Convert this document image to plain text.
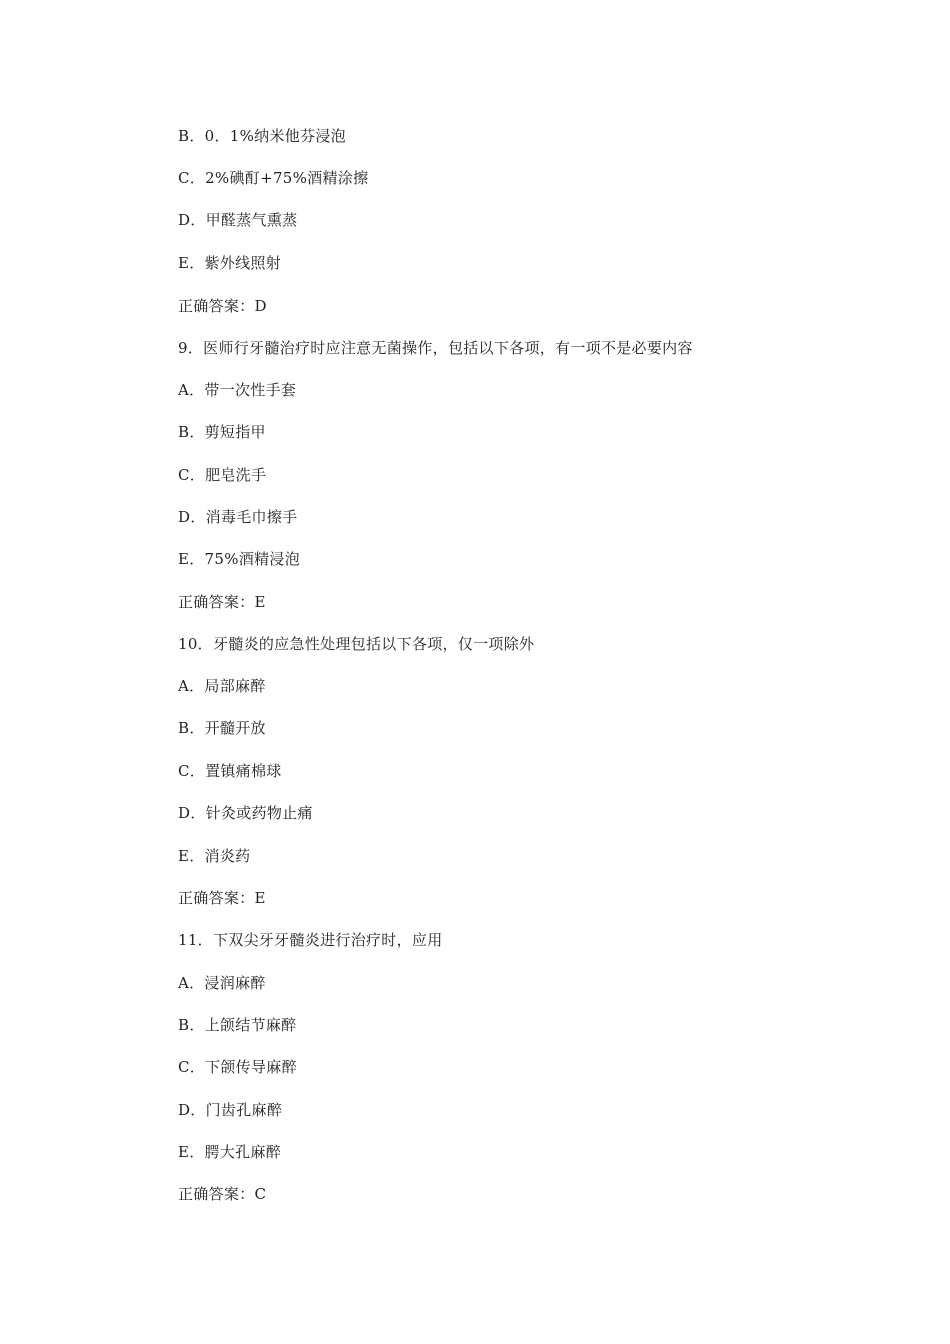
B．0．1%纳米他芬浸泡
C．2%碘酊+75%酒精涂擦
D．甲醛蒸气熏蒸
E．紫外线照射
正确答案：D
9．医师行牙髓治疗时应注意无菌操作，包括以下各项，有一项不是必要内容
A．带一次性手套
B．剪短指甲
C．肥皂洗手
D．消毒毛巾擦手
E．75%酒精浸泡
正确答案：E
10．牙髓炎的应急性处理包括以下各项，仅一项除外
A．局部麻醉
B．开髓开放
C．置镇痛棉球
D．针灸或药物止痛
E．消炎药
正确答案：E
11．下双尖牙牙髓炎进行治疗时，应用
A．浸润麻醉
B．上颌结节麻醉
C．下颌传导麻醉
D．门齿孔麻醉
E．腭大孔麻醉
正确答案：C
